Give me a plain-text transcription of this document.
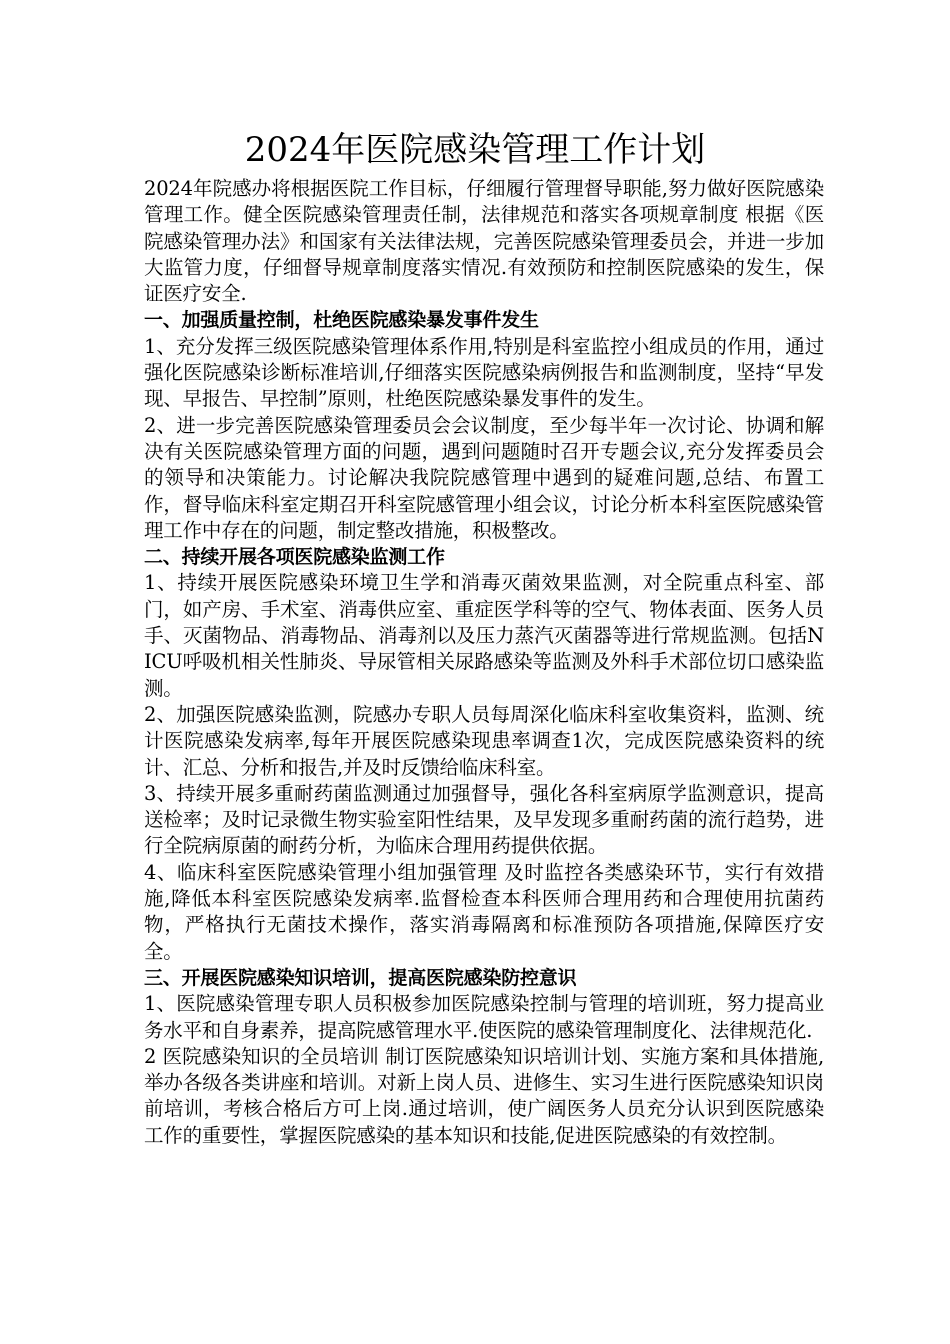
2024年医院感染管理工作计划

2024年院感办将根据医院工作目标，仔细履行管理督导职能,努力做好医院感染管理工作。健全医院感染管理责任制，法律规范和落实各项规章制度 根据《医院感染管理办法》和国家有关法律法规，完善医院感染管理委员会，并进一步加大监管力度，仔细督导规章制度落实情况.有效预防和控制医院感染的发生，保证医疗安全.

一、加强质量控制，杜绝医院感染暴发事件发生

1、充分发挥三级医院感染管理体系作用,特别是科室监控小组成员的作用，通过强化医院感染诊断标准培训,仔细落实医院感染病例报告和监测制度，坚持“早发现、早报告、早控制”原则，杜绝医院感染暴发事件的发生。

2、进一步完善医院感染管理委员会会议制度，至少每半年一次讨论、协调和解决有关医院感染管理方面的问题，遇到问题随时召开专题会议,充分发挥委员会的领导和决策能力。讨论解决我院院感管理中遇到的疑难问题,总结、布置工作，督导临床科室定期召开科室院感管理小组会议，讨论分析本科室医院感染管理工作中存在的问题，制定整改措施，积极整改。

二、持续开展各项医院感染监测工作

1、持续开展医院感染环境卫生学和消毒灭菌效果监测，对全院重点科室、部门，如产房、手术室、消毒供应室、重症医学科等的空气、物体表面、医务人员手、灭菌物品、消毒物品、消毒剂以及压力蒸汽灭菌器等进行常规监测。包括NICU呼吸机相关性肺炎、导尿管相关尿路感染等监测及外科手术部位切口感染监测。

2、加强医院感染监测，院感办专职人员每周深化临床科室收集资料，监测、统计医院感染发病率,每年开展医院感染现患率调查1次，完成医院感染资料的统计、汇总、分析和报告,并及时反馈给临床科室。

3、持续开展多重耐药菌监测通过加强督导，强化各科室病原学监测意识，提高送检率；及时记录微生物实验室阳性结果，及早发现多重耐药菌的流行趋势，进行全院病原菌的耐药分析，为临床合理用药提供依据。

4、临床科室医院感染管理小组加强管理 及时监控各类感染环节，实行有效措施,降低本科室医院感染发病率.监督检查本科医师合理用药和合理使用抗菌药物，严格执行无菌技术操作，落实消毒隔离和标准预防各项措施,保障医疗安全。

三、开展医院感染知识培训，提高医院感染防控意识

1、医院感染管理专职人员积极参加医院感染控制与管理的培训班，努力提高业务水平和自身素养，提高院感管理水平.使医院的感染管理制度化、法律规范化.

2 医院感染知识的全员培训 制订医院感染知识培训计划、实施方案和具体措施,举办各级各类讲座和培训。对新上岗人员、进修生、实习生进行医院感染知识岗前培训，考核合格后方可上岗.通过培训，使广阔医务人员充分认识到医院感染工作的重要性，掌握医院感染的基本知识和技能,促进医院感染的有效控制。
